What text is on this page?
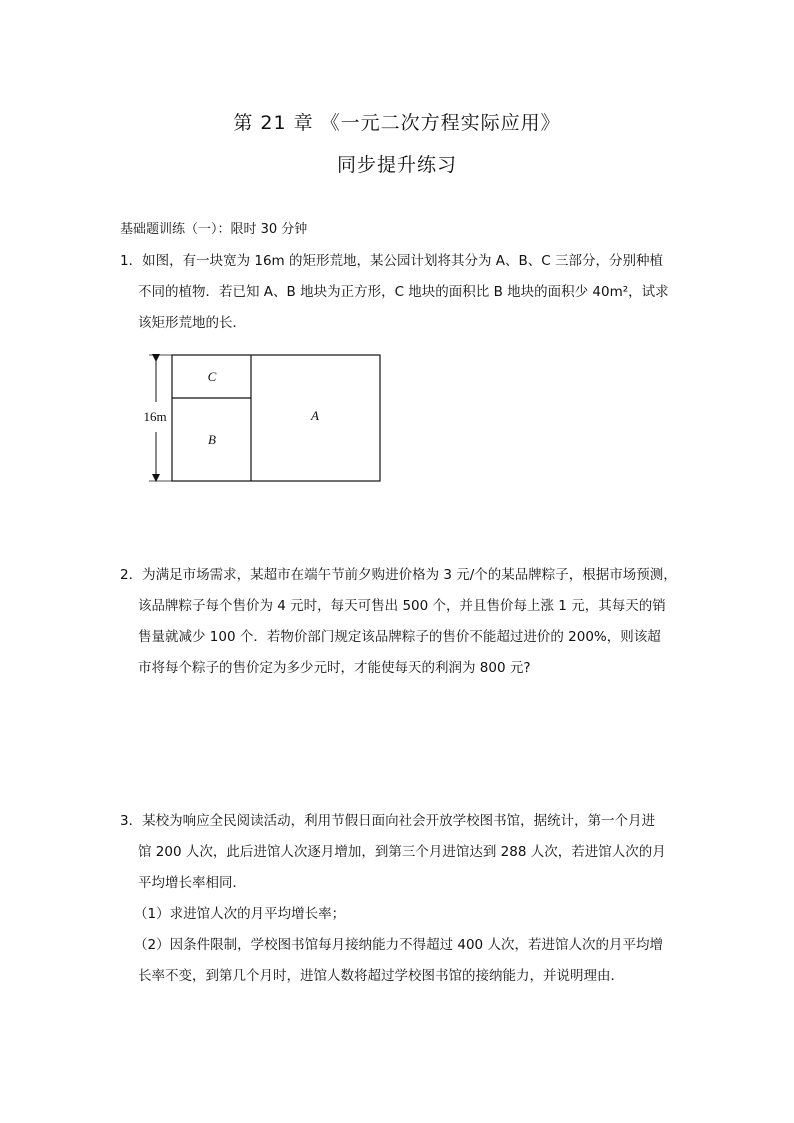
第 21 章 《一元二次方程实际应用》
同步提升练习
基础题训练（一）：限时 30 分钟
1．如图，有一块宽为 16m 的矩形荒地，某公园计划将其分为 A、B、C 三部分，分别种植
不同的植物．若已知 A、B 地块为正方形，C 地块的面积比 B 地块的面积少 40m²，试求
该矩形荒地的长．
16m
C
B
A
2．为满足市场需求，某超市在端午节前夕购进价格为 3 元/个的某品牌粽子，根据市场预测，
该品牌粽子每个售价为 4 元时，每天可售出 500 个，并且售价每上涨 1 元，其每天的销
售量就减少 100 个．若物价部门规定该品牌粽子的售价不能超过进价的 200%，则该超
市将每个粽子的售价定为多少元时，才能使每天的利润为 800 元?
3．某校为响应全民阅读活动，利用节假日面向社会开放学校图书馆，据统计，第一个月进
馆 200 人次，此后进馆人次逐月增加，到第三个月进馆达到 288 人次，若进馆人次的月
平均增长率相同．
（1）求进馆人次的月平均增长率；
（2）因条件限制，学校图书馆每月接纳能力不得超过 400 人次，若进馆人次的月平均增
长率不变，到第几个月时，进馆人数将超过学校图书馆的接纳能力，并说明理由．
